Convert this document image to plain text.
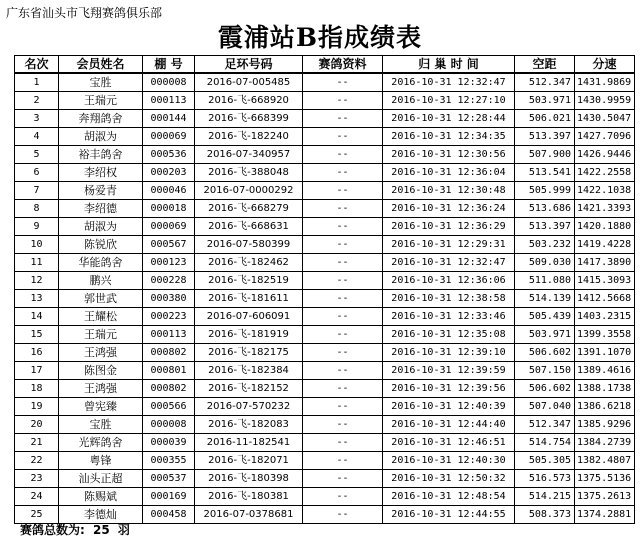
广东省汕头市飞翔赛鸽俱乐部
霞浦站B指成绩表
名次	会员姓名	棚 号	足环号码	赛鸽资料	归 巢 时 间	空距	分速
1	宝胜	000008	2016-07-005485	--	2016-10-31 12:32:47	512.347	1431.9869
2	王瑞元	000113	2016-飞-668920	--	2016-10-31 12:27:10	503.971	1430.9959
3	奔翔鸽舍	000144	2016-飞-668399	--	2016-10-31 12:28:44	506.021	1430.5047
4	胡淑为	000069	2016-飞-182240	--	2016-10-31 12:34:35	513.397	1427.7096
5	裕丰鸽舍	000536	2016-07-340957	--	2016-10-31 12:30:56	507.900	1426.9446
6	李绍权	000203	2016-飞-388048	--	2016-10-31 12:36:04	513.541	1422.2558
7	杨爱青	000046	2016-07-0000292	--	2016-10-31 12:30:48	505.999	1422.1038
8	李绍德	000018	2016-飞-668279	--	2016-10-31 12:36:24	513.686	1421.3393
9	胡淑为	000069	2016-飞-668631	--	2016-10-31 12:36:29	513.397	1420.1880
10	陈锐欣	000567	2016-07-580399	--	2016-10-31 12:29:31	503.232	1419.4228
11	华能鸽舍	000123	2016-飞-182462	--	2016-10-31 12:32:47	509.030	1417.3890
12	鹏兴	000228	2016-飞-182519	--	2016-10-31 12:36:06	511.080	1415.3093
13	郭世武	000380	2016-飞-181611	--	2016-10-31 12:38:58	514.139	1412.5668
14	王耀松	000223	2016-07-606091	--	2016-10-31 12:33:46	505.439	1403.2315
15	王瑞元	000113	2016-飞-181919	--	2016-10-31 12:35:08	503.971	1399.3558
16	王鸿强	000802	2016-飞-182175	--	2016-10-31 12:39:10	506.602	1391.1070
17	陈图金	000801	2016-飞-182384	--	2016-10-31 12:39:59	507.150	1389.4616
18	王鸿强	000802	2016-飞-182152	--	2016-10-31 12:39:56	506.602	1388.1738
19	曾宪臻	000566	2016-07-570232	--	2016-10-31 12:40:39	507.040	1386.6218
20	宝胜	000008	2016-飞-182083	--	2016-10-31 12:44:40	512.347	1385.9296
21	光辉鸽舍	000039	2016-11-182541	--	2016-10-31 12:46:51	514.754	1384.2739
22	粤锋	000355	2016-飞-182071	--	2016-10-31 12:40:30	505.305	1382.4807
23	汕头正超	000537	2016-飞-180398	--	2016-10-31 12:50:32	516.573	1375.5136
24	陈赐斌	000169	2016-飞-180381	--	2016-10-31 12:48:54	514.215	1375.2613
25	李德灿	000458	2016-07-0378681	--	2016-10-31 12:44:55	508.373	1374.2881
赛鸽总数为: 25 羽
